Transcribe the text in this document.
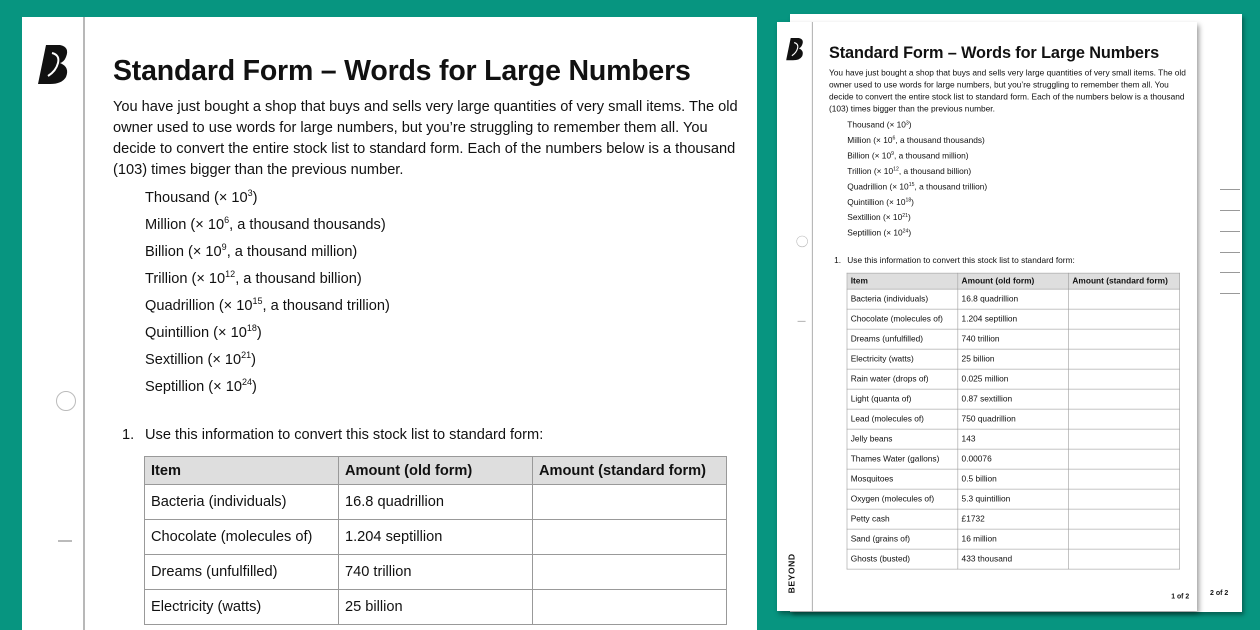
2 of 2
Standard Form – Words for Large Numbers
You have just bought a shop that buys and sells very large quantities of very small items. The old
owner used to use words for large numbers, but you’re struggling to remember them all. You
decide to convert the entire stock list to standard form. Each of the numbers below is a thousand
(103) times bigger than the previous number.
Thousand (× $10^3$)
Million (× $10^6$, a thousand thousands)
Billion (× $10^9$, a thousand million)
Trillion (× $10^{12}$, a thousand billion)
Quadrillion (× $10^{15}$, a thousand trillion)
Quintillion (× $10^{18}$)
Sextillion (× $10^{21}$)
Septillion (× $10^{24}$)
1. Use this information to convert this stock list to standard form:
Item	Amount (old form)	Amount (standard form)
Bacteria (individuals)	16.8 quadrillion	
Chocolate (molecules of)	1.204 septillion	
Dreams (unfulfilled)	740 trillion	
Electricity (watts)	25 billion	
Standard Form – Words for Large Numbers
You have just bought a shop that buys and sells very large quantities of very small items. The old
owner used to use words for large numbers, but you’re struggling to remember them all. You
decide to convert the entire stock list to standard form. Each of the numbers below is a thousand
(103) times bigger than the previous number.
Thousand (× $10^3$)
Million (× $10^6$, a thousand thousands)
Billion (× $10^9$, a thousand million)
Trillion (× $10^{12}$, a thousand billion)
Quadrillion (× $10^{15}$, a thousand trillion)
Quintillion (× $10^{18}$)
Sextillion (× $10^{21}$)
Septillion (× $10^{24}$)
1. Use this information to convert this stock list to standard form:
Item	Amount (old form)	Amount (standard form)
Bacteria (individuals)	16.8 quadrillion	
Chocolate (molecules of)	1.204 septillion	
Dreams (unfulfilled)	740 trillion	
Electricity (watts)	25 billion	
Rain water (drops of)	0.025 million	
Light (quanta of)	0.87 sextillion	
Lead (molecules of)	750 quadrillion	
Jelly beans	143	
Thames Water (gallons)	0.00076	
Mosquitoes	0.5 billion	
Oxygen (molecules of)	5.3 quintillion	
Petty cash	£1732	
Sand (grains of)	16 million	
Ghosts (busted)	433 thousand	
BEYOND
1 of 2
